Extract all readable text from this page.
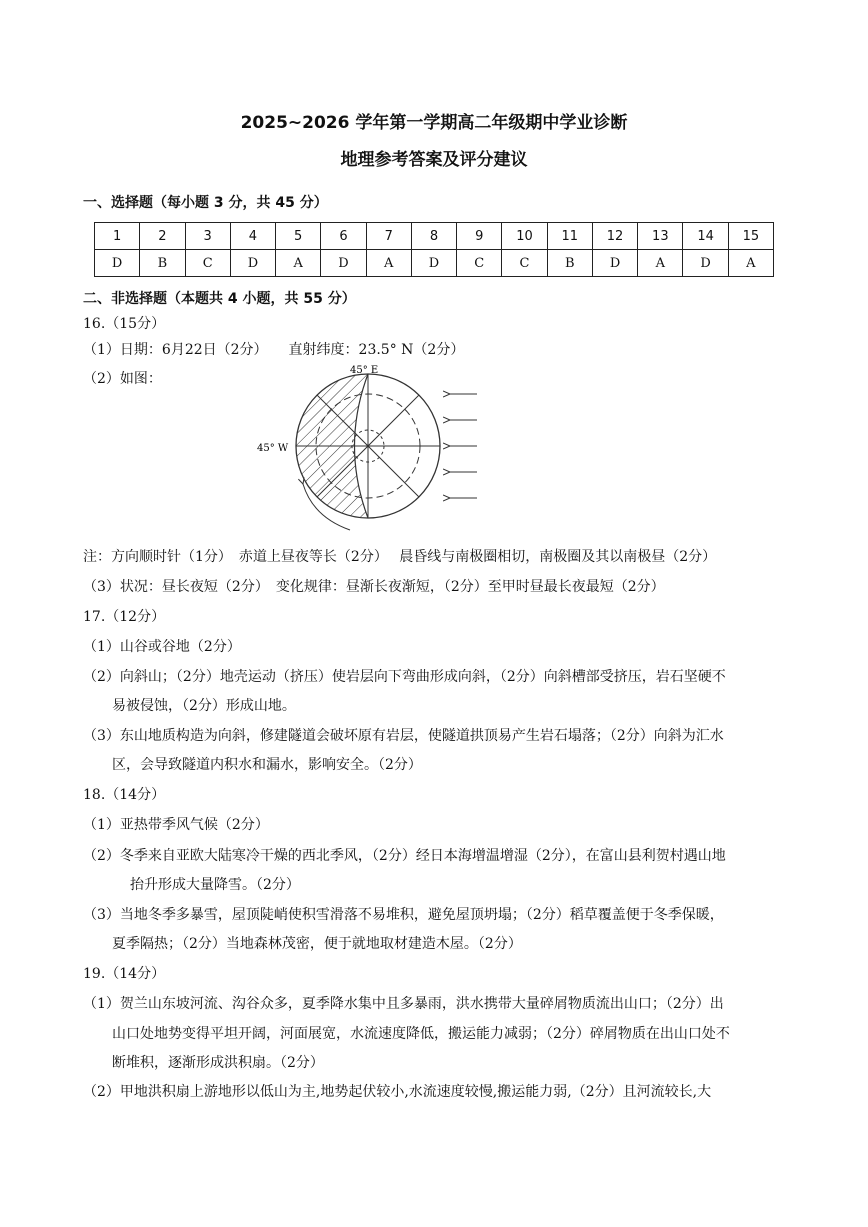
2025~2026 学年第一学期高二年级期中学业诊断
地理参考答案及评分建议
一、选择题（每小题 3 分，共 45 分）
1	2	3	4	5	6	7	8	9	10	11	12	13	14	15
D	B	C	D	A	D	A	D	C	C	B	D	A	D	A
二、非选择题（本题共 4 小题，共 55 分）
16.（15分）
（1）日期：6月22日（2分）　　直射纬度：23.5° N（2分）
（2）如图：
45° E
45° W
注：方向顺时针（1分）　赤道上昼夜等长（2分）　 晨昏线与南极圈相切，南极圈及其以南极昼（2分）
（3）状况：昼长夜短（2分）　变化规律：昼渐长夜渐短，（2分）至甲时昼最长夜最短（2分）
17.（12分）
（1）山谷或谷地（2分）
（2）向斜山；（2分）地壳运动（挤压）使岩层向下弯曲形成向斜，（2分）向斜槽部受挤压，岩石坚硬不
易被侵蚀，（2分）形成山地。
（3）东山地质构造为向斜，修建隧道会破坏原有岩层，使隧道拱顶易产生岩石塌落；（2分）向斜为汇水
区，会导致隧道内积水和漏水，影响安全。（2分）
18.（14分）
（1）亚热带季风气候（2分）
（2）冬季来自亚欧大陆寒冷干燥的西北季风，（2分）经日本海增温增湿（2分），在富山县利贺村遇山地
抬升形成大量降雪。（2分）
（3）当地冬季多暴雪，屋顶陡峭使积雪滑落不易堆积，避免屋顶坍塌；（2分）稻草覆盖便于冬季保暖，
夏季隔热；（2分）当地森林茂密，便于就地取材建造木屋。（2分）
19.（14分）
（1）贺兰山东坡河流、沟谷众多，夏季降水集中且多暴雨，洪水携带大量碎屑物质流出山口；（2分）出
山口处地势变得平坦开阔，河面展宽，水流速度降低，搬运能力减弱；（2分）碎屑物质在出山口处不
断堆积，逐渐形成洪积扇。（2分）
（2）甲地洪积扇上游地形以低山为主,地势起伏较小,水流速度较慢,搬运能力弱,（2分）且河流较长,大
